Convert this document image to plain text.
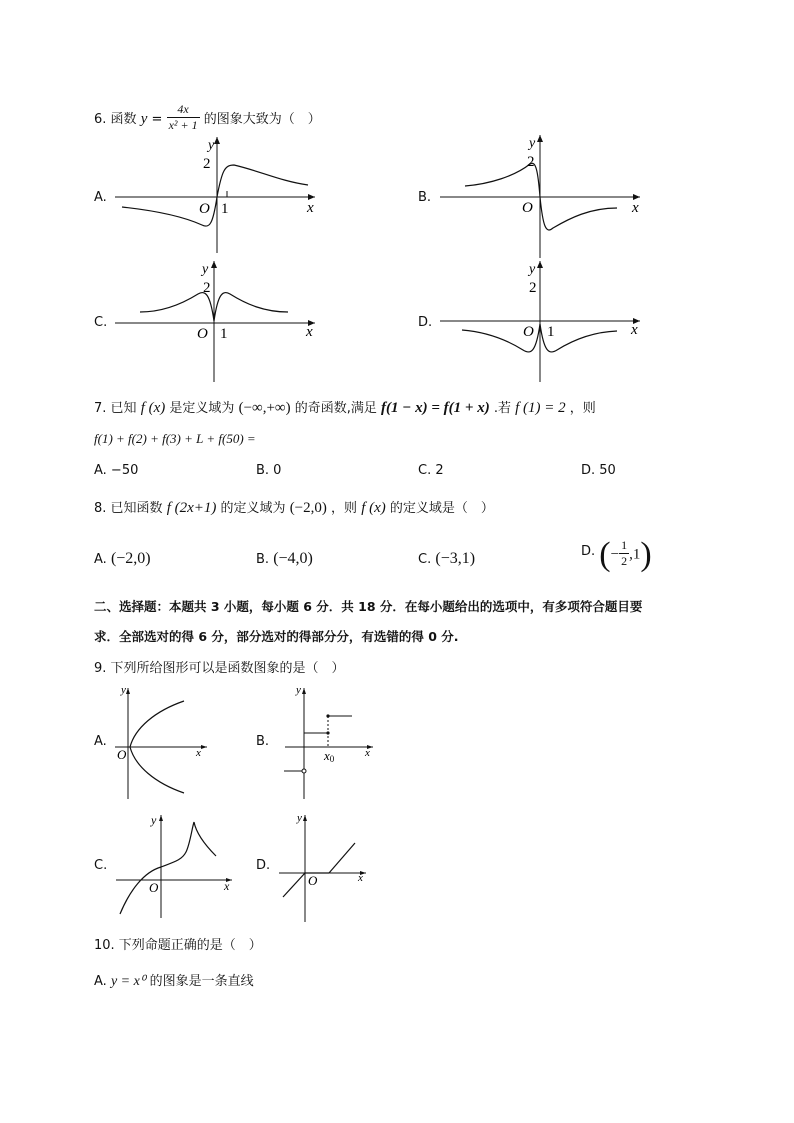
6. 函数 $y = \frac{4x}{\text{x² + 1}}$ 的图象大致为（　）
A.
y
2
O 1	x
B.
y
2
O	x
C.
y
2
O 1	x
D.
y
2
O 1	x
7. 已知 f (x) 是定义域为 (−∞,+∞) 的奇函数,满足 f(1 − x) = f(1 + x) .若 f (1) = 2 ，则
f(1) + f(2) + f(3) + L + f(50) =
A. −50	B. 0	C. 2	D. 50
8. 已知函数 f (2x+1) 的定义域为 (−2,0) ，则 f (x) 的定义域是（　）
A. (−2,0)	B. (−4,0)	C. (−3,1)	D. (− $\frac{1}{2} ,1$)
二、选择题：本题共 3 小题，每小题 6 分．共 18 分．在每小题给出的选项中，有多项符合题目要
求．全部选对的得 6 分，部分选对的得部分分，有选错的得 0 分.
9. 下列所给图形可以是函数图象的是（　）
A.
y
O	x
B.
y
x0	x
C.
y
O	x
D.
y
O	x
10. 下列命题正确的是（　）
A. y = x⁰ 的图象是一条直线
